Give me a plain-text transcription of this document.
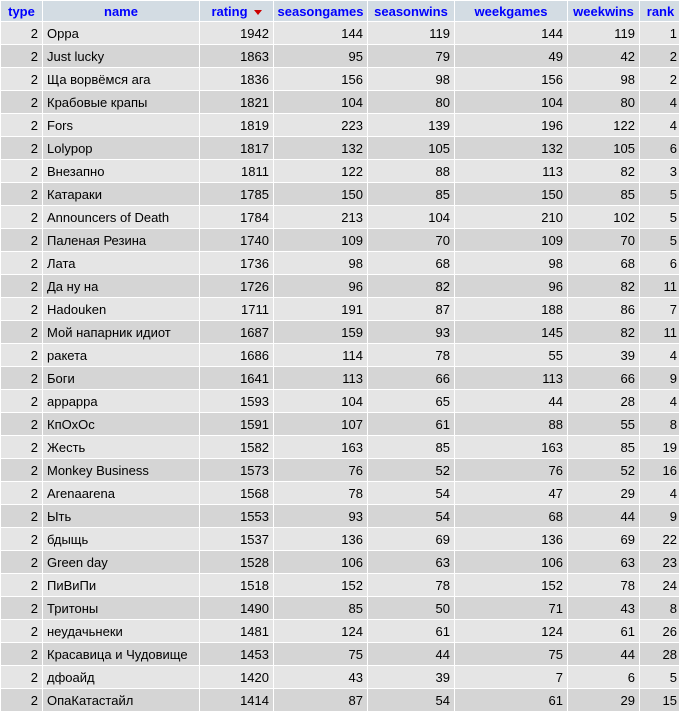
type	name	rating	seasongames	seasonwins	weekgames	weekwins	rank
2	Oppa	1942	144	119	144	119	1
2	Just lucky	1863	95	79	49	42	2
2	Ща ворвёмся ага	1836	156	98	156	98	2
2	Крабовые крапы	1821	104	80	104	80	4
2	Fors	1819	223	139	196	122	4
2	Lolypop	1817	132	105	132	105	6
2	Внезапно	1811	122	88	113	82	3
2	Катараки	1785	150	85	150	85	5
2	Announcers of Death	1784	213	104	210	102	5
2	Паленая Резина	1740	109	70	109	70	5
2	Лата	1736	98	68	98	68	6
2	Да ну на	1726	96	82	96	82	11
2	Hadouken	1711	191	87	188	86	7
2	Мой напарник идиот	1687	159	93	145	82	11
2	ракета	1686	114	78	55	39	4
2	Боги	1641	113	66	113	66	9
2	арpapра	1593	104	65	44	28	4
2	КпОхОс	1591	107	61	88	55	8
2	Жесть	1582	163	85	163	85	19
2	Monkey Business	1573	76	52	76	52	16
2	Arenaarena	1568	78	54	47	29	4
2	Ыть	1553	93	54	68	44	9
2	бдыщь	1537	136	69	136	69	22
2	Green day	1528	106	63	106	63	23
2	ПиВиПи	1518	152	78	152	78	24
2	Тритоны	1490	85	50	71	43	8
2	неудачьнеки	1481	124	61	124	61	26
2	Красавица и Чудовище	1453	75	44	75	44	28
2	дфоайд	1420	43	39	7	6	5
2	ОпаКатастайл	1414	87	54	61	29	15
